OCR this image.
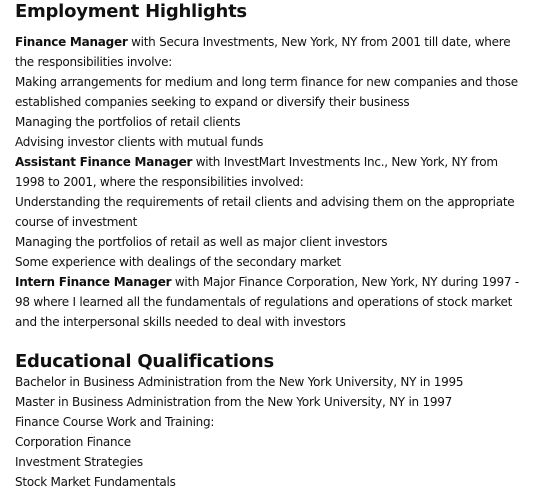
Employment Highlights

Finance Manager with Secura Investments, New York, NY from 2001 till date, where the responsibilities involve:

Making arrangements for medium and long term finance for new companies and those established companies seeking to expand or diversify their business

Managing the portfolios of retail clients

Advising investor clients with mutual funds

Assistant Finance Manager with InvestMart Investments Inc., New York, NY from 1998 to 2001, where the responsibilities involved:

Understanding the requirements of retail clients and advising them on the appropriate course of investment

Managing the portfolios of retail as well as major client investors

Some experience with dealings of the secondary market

Intern Finance Manager with Major Finance Corporation, New York, NY during 1997 - 98 where I learned all the fundamentals of regulations and operations of stock market and the interpersonal skills needed to deal with investors

Educational Qualifications

Bachelor in Business Administration from the New York University, NY in 1995

Master in Business Administration from the New York University, NY in 1997

Finance Course Work and Training:

Corporation Finance

Investment Strategies

Stock Market Fundamentals
